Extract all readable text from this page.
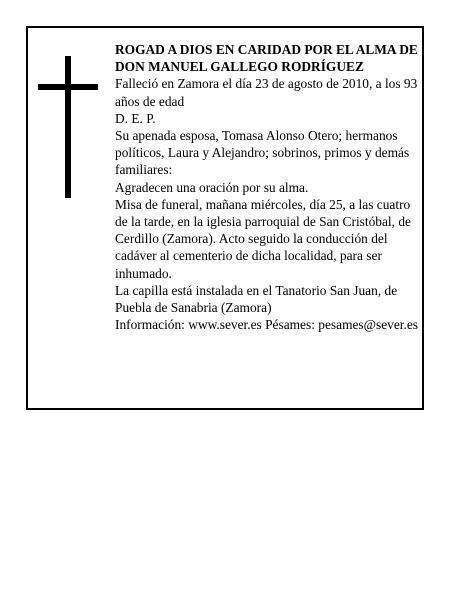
ROGAD A DIOS EN CARIDAD POR EL ALMA DE

DON MANUEL GALLEGO RODRÍGUEZ

Falleció en Zamora el día 23 de agosto de 2010, a los 93 años de edad

D. E. P.

Su apenada esposa, Tomasa Alonso Otero; hermanos políticos, Laura y Alejandro; sobrinos, primos y demás familiares:

Agradecen una oración por su alma.

Misa de funeral, mañana miércoles, día 25, a las cuatro de la tarde, en la iglesia parroquial de San Cristóbal, de Cerdillo (Zamora). Acto seguido la conducción del cadáver al cementerio de dicha localidad, para ser inhumado.

La capilla está instalada en el Tanatorio San Juan, de Puebla de Sanabria (Zamora)

Información: www.sever.es Pésames: pesames@sever.es
